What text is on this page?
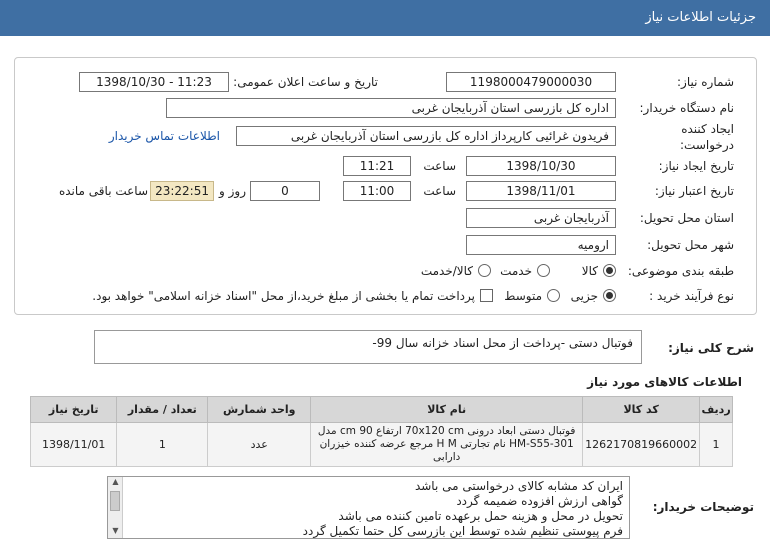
جزئیات اطلاعات نیاز
شماره نیاز:
1198000479000030
تاریخ و ساعت اعلان عمومی:
1398/10/30 - 11:23
نام دستگاه خریدار:
اداره کل بازرسی استان آذربایجان غربی
ایجاد کننده
درخواست:
فریدون غرائیی کارپرداز اداره کل بازرسی استان آذربایجان غربی
اطلاعات تماس خریدار
تاریخ ایجاد نیاز:
1398/10/30
ساعت
11:21
تاریخ اعتبار نیاز:
1398/11/01
ساعت
11:00
0
روز و
23:22:51
ساعت باقی مانده
استان محل تحویل:
آذربایجان غربی
شهر محل تحویل:
ارومیه
طبقه بندی موضوعی:
کالا
خدمت
کالا/خدمت
نوع فرآیند خرید :
جزیی
متوسط
پرداخت تمام یا بخشی از مبلغ خرید،از محل "اسناد خزانه اسلامی" خواهد بود.
شرح کلی نیاز:
فوتبال دستی -پرداخت از محل اسناد خزانه سال 99-
اطلاعات کالاهای مورد نیاز
ردیف	کد کالا	نام کالا	واحد شمارش	تعداد / مقدار	تاریخ نیاز
1	1262170819660002	فوتبال دستی ابعاد درونی 70x120 cm ارتفاع 90 cm مدل HM-S55-301 نام تجارتی H M مرجع عرضه کننده خیزران دارابی	عدد	1	1398/11/01
توضیحات خریدار:
ایران کد مشابه کالای درخواستی می باشد
گواهی ارزش افزوده ضمیمه گردد
تحویل در محل و هزینه حمل برعهده تامین کننده می باشد
فرم پیوستی تنظیم شده توسط این بازرسی کل حتما تکمیل گردد
▲
▼
